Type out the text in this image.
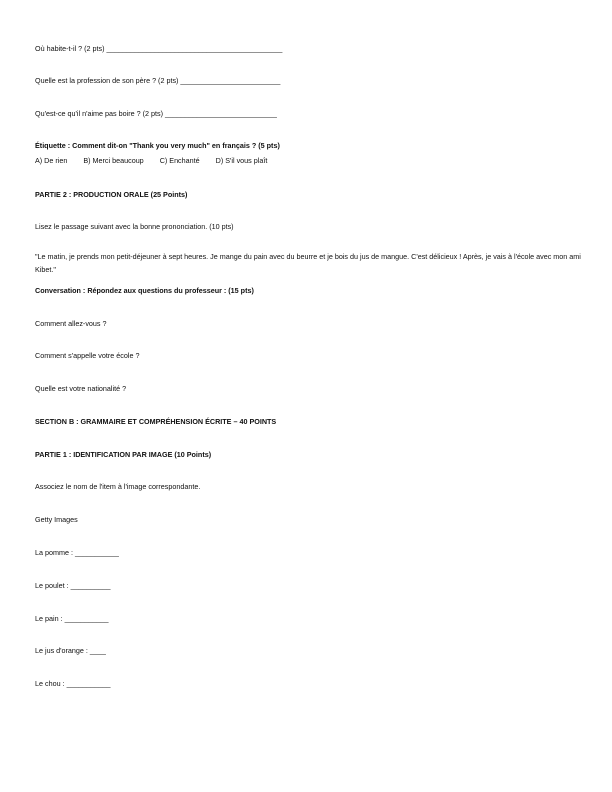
Où habite-t-il ? (2 pts) ____________________________________________
Quelle est la profession de son père ? (2 pts) _________________________
Qu'est-ce qu'il n'aime pas boire ? (2 pts) ____________________________
Étiquette : Comment dit-on "Thank you very much" en français ? (5 pts)
A) De rien B) Merci beaucoup C) Enchanté D) S'il vous plaît
PARTIE 2 : PRODUCTION ORALE (25 Points)
Lisez le passage suivant avec la bonne prononciation. (10 pts)
"Le matin, je prends mon petit-déjeuner à sept heures. Je mange du pain avec du beurre et je bois du jus de mangue. C'est délicieux ! Après, je vais à l'école avec mon ami Kibet."
Conversation : Répondez aux questions du professeur : (15 pts)
Comment allez-vous ?
Comment s'appelle votre école ?
Quelle est votre nationalité ?
SECTION B : GRAMMAIRE ET COMPRÉHENSION ÉCRITE – 40 POINTS
PARTIE 1 : IDENTIFICATION PAR IMAGE (10 Points)
Associez le nom de l'item à l'image correspondante.
Getty Images
La pomme : ___________
Le poulet : __________
Le pain : ___________
Le jus d'orange : ____
Le chou : ___________
